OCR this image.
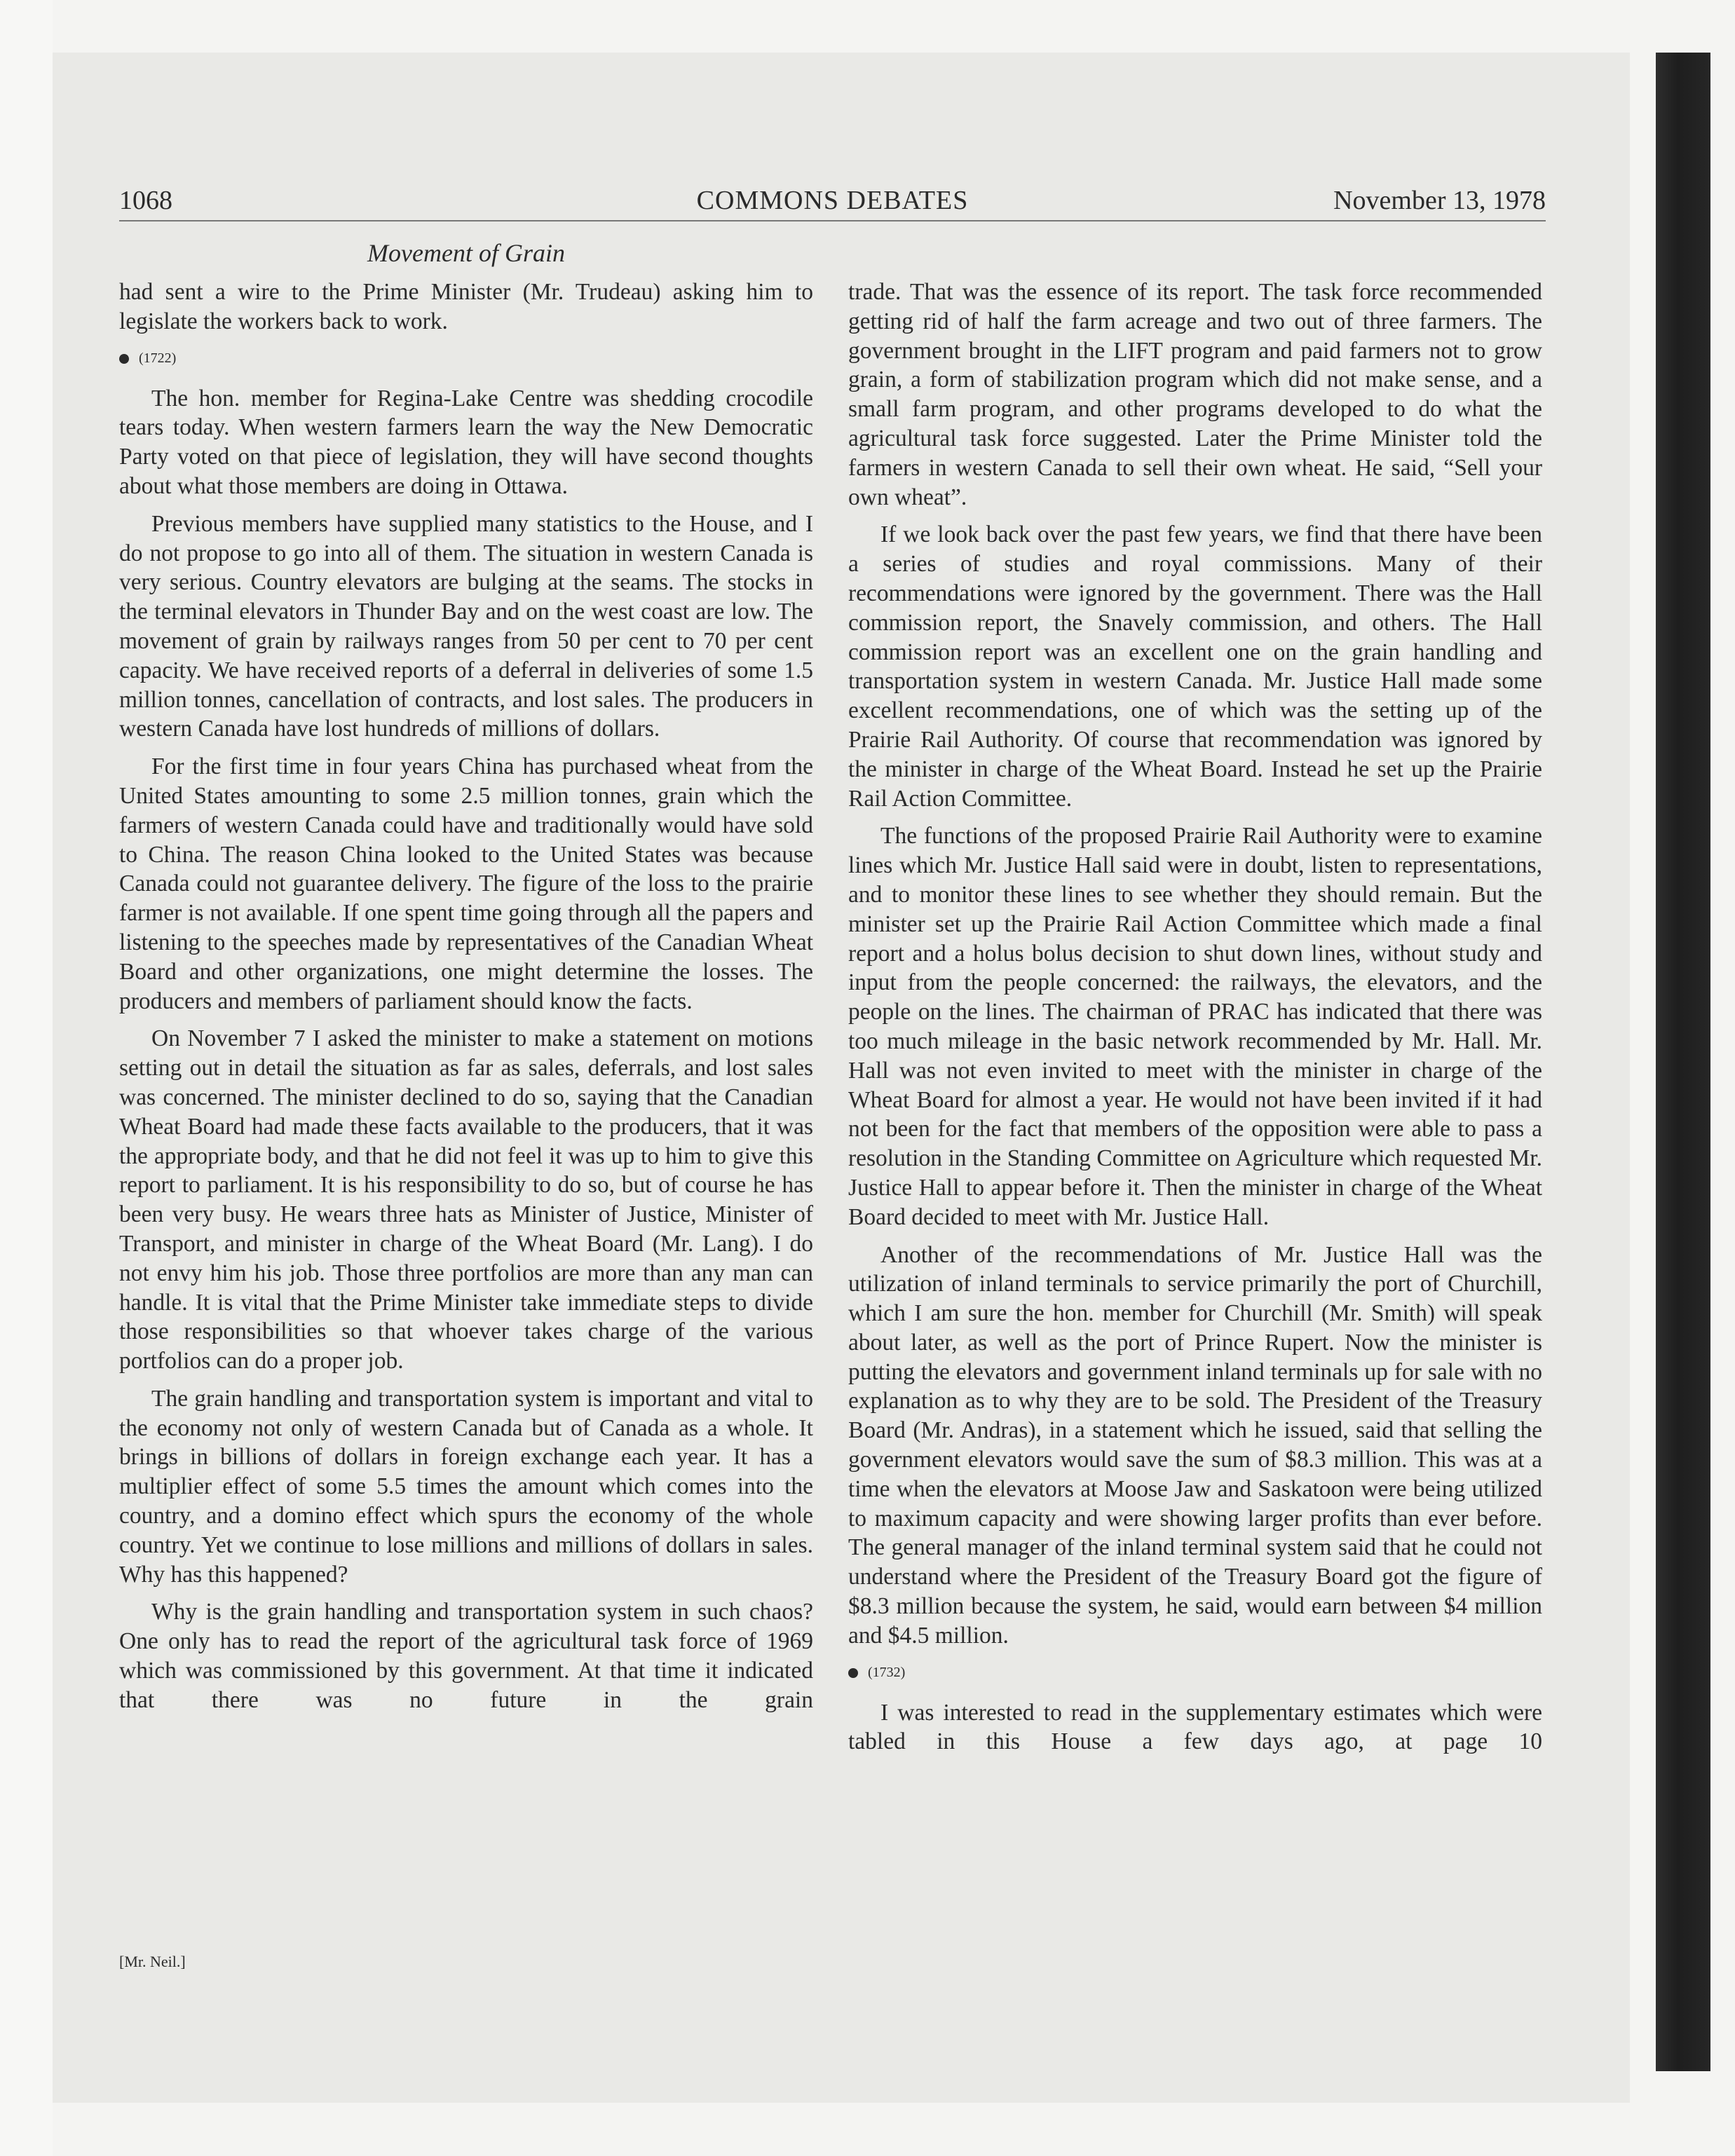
1068	COMMONS DEBATES	November 13, 1978
Movement of Grain

had sent a wire to the Prime Minister (Mr. Trudeau) asking him to legislate the workers back to work.

(1722)

The hon. member for Regina-Lake Centre was shedding crocodile tears today. When western farmers learn the way the New Democratic Party voted on that piece of legislation, they will have second thoughts about what those members are doing in Ottawa.

Previous members have supplied many statistics to the House, and I do not propose to go into all of them. The situation in western Canada is very serious. Country elevators are bulging at the seams. The stocks in the terminal elevators in Thunder Bay and on the west coast are low. The movement of grain by railways ranges from 50 per cent to 70 per cent capacity. We have received reports of a deferral in deliveries of some 1.5 million tonnes, cancellation of contracts, and lost sales. The producers in western Canada have lost hundreds of millions of dollars.

For the first time in four years China has purchased wheat from the United States amounting to some 2.5 million tonnes, grain which the farmers of western Canada could have and traditionally would have sold to China. The reason China looked to the United States was because Canada could not guarantee delivery. The figure of the loss to the prairie farmer is not available. If one spent time going through all the papers and listening to the speeches made by representatives of the Canadian Wheat Board and other organizations, one might determine the losses. The producers and members of parliament should know the facts.

On November 7 I asked the minister to make a statement on motions setting out in detail the situation as far as sales, deferrals, and lost sales was concerned. The minister declined to do so, saying that the Canadian Wheat Board had made these facts available to the producers, that it was the appropriate body, and that he did not feel it was up to him to give this report to parliament. It is his responsibility to do so, but of course he has been very busy. He wears three hats as Minister of Justice, Minister of Transport, and minister in charge of the Wheat Board (Mr. Lang). I do not envy him his job. Those three portfolios are more than any man can handle. It is vital that the Prime Minister take immediate steps to divide those responsibilities so that whoever takes charge of the various portfolios can do a proper job.

The grain handling and transportation system is important and vital to the economy not only of western Canada but of Canada as a whole. It brings in billions of dollars in foreign exchange each year. It has a multiplier effect of some 5.5 times the amount which comes into the country, and a domino effect which spurs the economy of the whole country. Yet we continue to lose millions and millions of dollars in sales. Why has this happened?

Why is the grain handling and transportation system in such chaos? One only has to read the report of the agricultural task force of 1969 which was commissioned by this government. At that time it indicated that there was no future in the grain

[Mr. Neil.]

trade. That was the essence of its report. The task force recommended getting rid of half the farm acreage and two out of three farmers. The government brought in the LIFT program and paid farmers not to grow grain, a form of stabilization program which did not make sense, and a small farm program, and other programs developed to do what the agricultural task force suggested. Later the Prime Minister told the farmers in western Canada to sell their own wheat. He said, “Sell your own wheat”.

If we look back over the past few years, we find that there have been a series of studies and royal commissions. Many of their recommendations were ignored by the government. There was the Hall commission report, the Snavely commission, and others. The Hall commission report was an excellent one on the grain handling and transportation system in western Canada. Mr. Justice Hall made some excellent recommendations, one of which was the setting up of the Prairie Rail Authority. Of course that recommendation was ignored by the minister in charge of the Wheat Board. Instead he set up the Prairie Rail Action Committee.

The functions of the proposed Prairie Rail Authority were to examine lines which Mr. Justice Hall said were in doubt, listen to representations, and to monitor these lines to see whether they should remain. But the minister set up the Prairie Rail Action Committee which made a final report and a holus bolus decision to shut down lines, without study and input from the people concerned: the railways, the elevators, and the people on the lines. The chairman of PRAC has indicated that there was too much mileage in the basic network recommended by Mr. Hall. Mr. Hall was not even invited to meet with the minister in charge of the Wheat Board for almost a year. He would not have been invited if it had not been for the fact that members of the opposition were able to pass a resolution in the Standing Committee on Agriculture which requested Mr. Justice Hall to appear before it. Then the minister in charge of the Wheat Board decided to meet with Mr. Justice Hall.

Another of the recommendations of Mr. Justice Hall was the utilization of inland terminals to service primarily the port of Churchill, which I am sure the hon. member for Churchill (Mr. Smith) will speak about later, as well as the port of Prince Rupert. Now the minister is putting the elevators and government inland terminals up for sale with no explanation as to why they are to be sold. The President of the Treasury Board (Mr. Andras), in a statement which he issued, said that selling the government elevators would save the sum of $8.3 million. This was at a time when the elevators at Moose Jaw and Saskatoon were being utilized to maximum capacity and were showing larger profits than ever before. The general manager of the inland terminal system said that he could not understand where the President of the Treasury Board got the figure of $8.3 million because the system, he said, would earn between $4 million and $4.5 million.

(1732)

I was interested to read in the supplementary estimates which were tabled in this House a few days ago, at page 10
